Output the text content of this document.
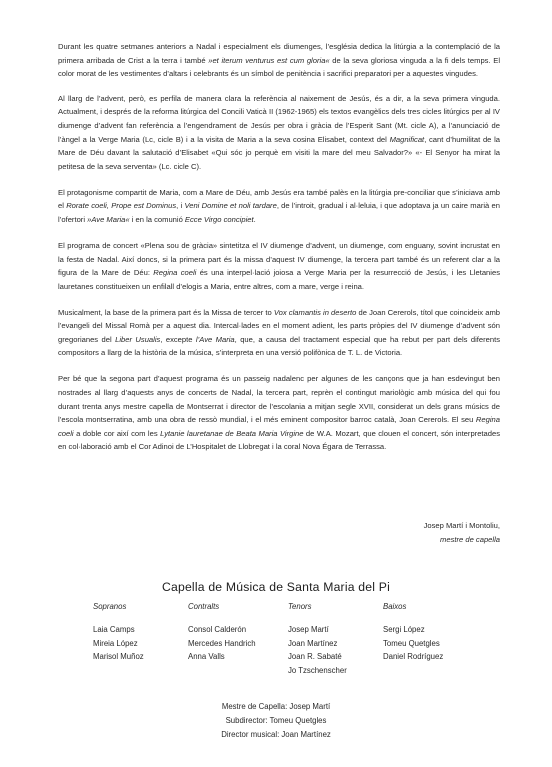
Durant les quatre setmanes anteriors a Nadal i especialment els diumenges, l’església dedica la litúrgia a la contemplació de la primera arribada de Crist a la terra i també »et iterum venturus est cum gloria« de la seva gloriosa vinguda a la fi dels temps. El color morat de les vestimentes d’altars i celebrants és un símbol de penitència i sacrifici preparatori per a aquestes vingudes.

Al llarg de l’advent, però, es perfila de manera clara la referència al naixement de Jesús, és a dir, a la seva primera vinguda. Actualment, i després de la reforma litúrgica del Concili Vaticà II (1962-1965) els textos evangèlics dels tres cicles litúrgics per al IV diumenge d’advent fan referència a l’engendrament de Jesús per obra i gràcia de l’Esperit Sant (Mt. cicle A), a l’anunciació de l’àngel a la Verge Maria (Lc, cicle B) i a la visita de Maria a la seva cosina Elisabet, context del Magnificat, cant d’humilitat de la Mare de Déu davant la salutació d’Elisabet «Qui sóc jo perquè em visiti la mare del meu Salvador?» «- El Senyor ha mirat la petitesa de la seva serventa» (Lc. cicle C).

El protagonisme compartit de Maria, com a Mare de Déu, amb Jesús era també palès en la litúrgia pre-conciliar que s’iniciava amb el Rorate coeli, Prope est Dominus, i Veni Domine et noli tardare, de l’introit, gradual i al·leluia, i que adoptava ja un caire marià en l’ofertori »Ave Maria« i en la comunió Ecce Virgo concipiet.

El programa de concert «Plena sou de gràcia» sintetitza el IV diumenge d’advent, un diumenge, com enguany, sovint incrustat en la festa de Nadal. Així doncs, si la primera part és la missa d’aquest IV diumenge, la tercera part també és un referent clar a la figura de la Mare de Déu: Regina coeli és una interpel·lació joiosa a Verge Maria per la resurrecció de Jesús, i les Lletanies lauretanes constitueixen un enfilall d’elogis a Maria, entre altres, com a mare, verge i reina.

Musicalment, la base de la primera part és la Missa de tercer to Vox clamantis in deserto de Joan Cererols, títol que coincideix amb l’evangeli del Missal Romà per a aquest dia. Intercal·lades en el moment adient, les parts pròpies del IV diumenge d’advent són gregorianes del Liber Usualis, excepte l’Ave Maria, que, a causa del tractament especial que ha rebut per part dels diferents compositors a llarg de la història de la música, s’interpreta en una versió polifònica de T. L. de Victoria.

Per bé que la segona part d’aquest programa és un passeig nadalenc per algunes de les cançons que ja han esdevingut ben nostrades al llarg d’aquests anys de concerts de Nadal, la tercera part, reprèn el contingut mariològic amb música del qui fou durant trenta anys mestre capella de Montserrat i director de l’escolania a mitjan segle XVII, considerat un dels grans músics de l’escola montserratina, amb una obra de ressò mundial, i el més eminent compositor barroc català, Joan Cererols. El seu Regina coeli a doble cor així com les Lytanie lauretanae de Beata Maria Virgine de W.A. Mozart, que clouen el concert, són interpretades en col·laboració amb el Cor Adinoi de L’Hospitalet de Llobregat i la coral Nova Égara de Terrassa.

Josep Martí i Montoliu,
mestre de capella
Capella de Música de Santa Maria del Pi
Sopranos
Laia Camps
Mireia López
Marisol Muñoz
Contralts
Consol Calderón
Mercedes Handrich
Anna Valls
Tenors
Josep Martí
Joan Martínez
Joan R. Sabaté
Jo Tzschenscher
Baixos
Sergi López
Tomeu Quetgles
Daniel Rodríguez
Mestre de Capella: Josep Martí
Subdirector: Tomeu Quetgles
Director musical: Joan Martínez
